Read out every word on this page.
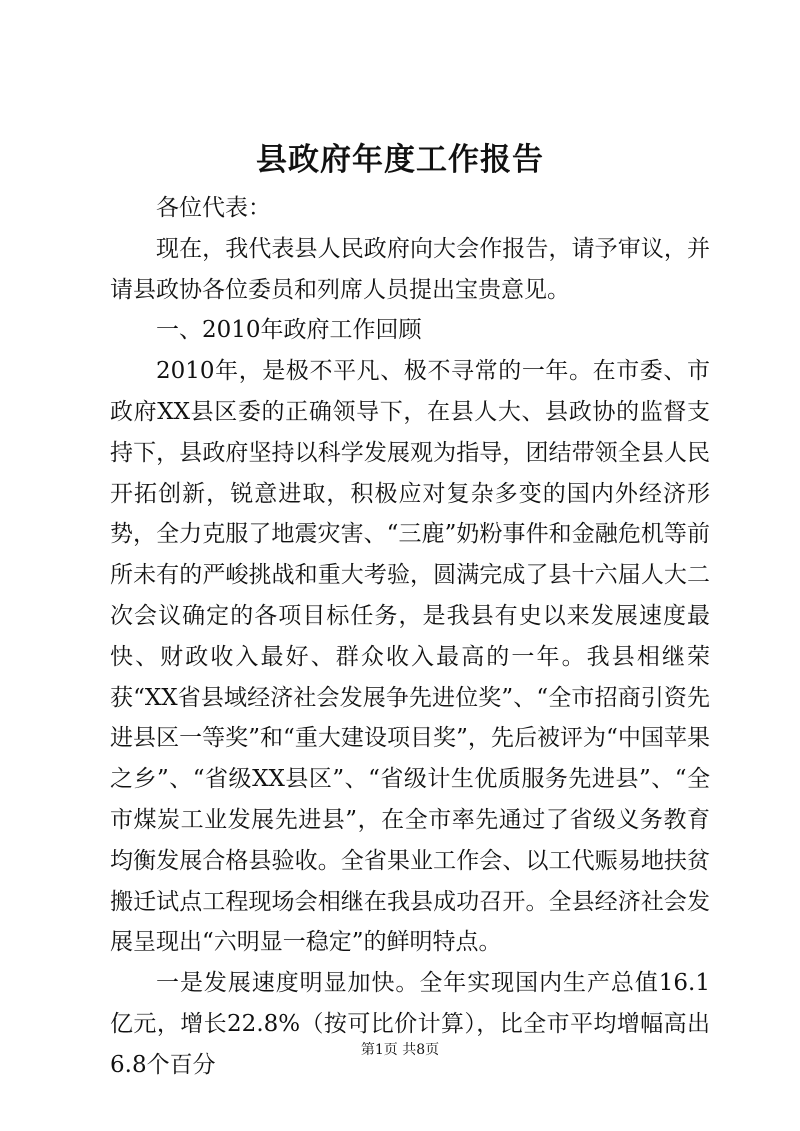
县政府年度工作报告

各位代表：

现在，我代表县人民政府向大会作报告，请予审议，并请县政协各位委员和列席人员提出宝贵意见。

一、2010年政府工作回顾

2010年，是极不平凡、极不寻常的一年。在市委、市政府XX县区委的正确领导下，在县人大、县政协的监督支持下，县政府坚持以科学发展观为指导，团结带领全县人民开拓创新，锐意进取，积极应对复杂多变的国内外经济形势，全力克服了地震灾害、“三鹿”奶粉事件和金融危机等前所未有的严峻挑战和重大考验，圆满完成了县十六届人大二次会议确定的各项目标任务，是我县有史以来发展速度最快、财政收入最好、群众收入最高的一年。我县相继荣获“XX省县域经济社会发展争先进位奖”、“全市招商引资先进县区一等奖”和“重大建设项目奖”，先后被评为“中国苹果之乡”、“省级XX县区”、“省级计生优质服务先进县”、“全市煤炭工业发展先进县”，在全市率先通过了省级义务教育均衡发展合格县验收。全省果业工作会、以工代赈易地扶贫搬迁试点工程现场会相继在我县成功召开。全县经济社会发展呈现出“六明显一稳定”的鲜明特点。

一是发展速度明显加快。全年实现国内生产总值16.1亿元，增长22.8%（按可比价计算），比全市平均增幅高出6.8个百分

第1页 共8页
